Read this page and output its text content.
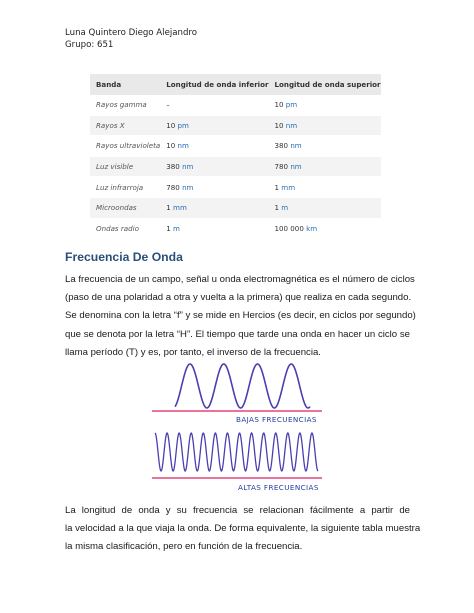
Luna Quintero Diego Alejandro
Grupo: 651
Banda	Longitud de onda inferior	Longitud de onda superior
Rayos gamma	–	10 pm
Rayos X	10 pm	10 nm
Rayos ultravioleta	10 nm	380 nm
Luz visible	380 nm	780 nm
Luz infrarroja	780 nm	1 mm
Microondas	1 mm	1 m
Ondas radio	1 m	100 000 km
Frecuencia De Onda
La frecuencia de un campo, señal u onda electromagnética es el número de ciclos
(paso de una polaridad a otra y vuelta a la primera) que realiza en cada segundo.
Se denomina con la letra “f” y se mide en Hercios (es decir, en ciclos por segundo)
que se denota por la letra “H”. El tiempo que tarde una onda en hacer un ciclo se
llama período (T) y es, por tanto, el inverso de la frecuencia.
BAJAS FRECUENCIAS
ALTAS FRECUENCIAS
La longitud de onda y su frecuencia se relacionan fácilmente a partir de
la velocidad a la que viaja la onda. De forma equivalente, la siguiente tabla muestra
la misma clasificación, pero en función de la frecuencia.
